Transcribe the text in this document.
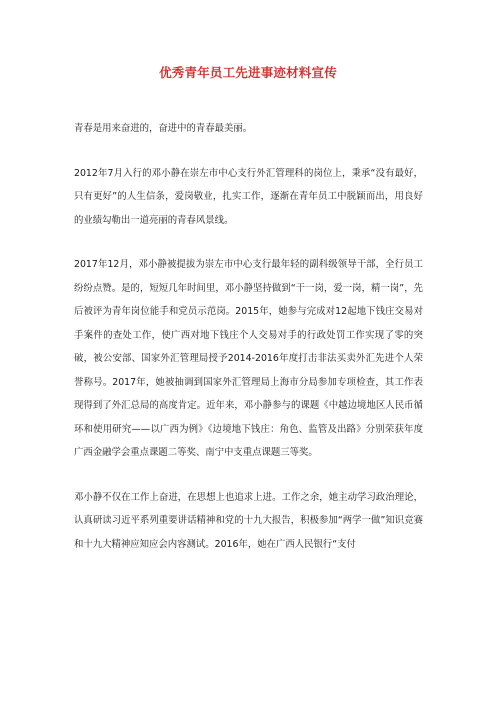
优秀青年员工先进事迹材料宣传

青春是用来奋进的，奋进中的青春最美丽。

2012年7月入行的邓小静在崇左市中心支行外汇管理科的岗位上，秉承“没有最好，只有更好”的人生信条，爱岗敬业，扎实工作，逐渐在青年员工中脱颖而出，用良好的业绩勾勒出一道亮丽的青春风景线。

2017年12月，邓小静被提拔为崇左市中心支行最年轻的副科级领导干部，全行员工纷纷点赞。是的，短短几年时间里，邓小静坚持做到“干一岗，爱一岗，精一岗”，先后被评为青年岗位能手和党员示范岗。2015年，她参与完成对12起地下钱庄交易对手案件的查处工作，使广西对地下钱庄个人交易对手的行政处罚工作实现了零的突破，被公安部、国家外汇管理局授予2014-2016年度打击非法买卖外汇先进个人荣誉称号。2017年，她被抽调到国家外汇管理局上海市分局参加专项检查，其工作表现得到了外汇总局的高度肯定。近年来，邓小静参与的课题《中越边境地区人民币循环和使用研究——以广西为例》《边境地下钱庄：角色、监管及出路》分别荣获年度广西金融学会重点课题二等奖、南宁中支重点课题三等奖。

邓小静不仅在工作上奋进，在思想上也追求上进。工作之余，她主动学习政治理论，认真研读习近平系列重要讲话精神和党的十九大报告，积极参加“两学一做”知识竞赛和十九大精神应知应会内容测试。2016年，她在广西人民银行“支付
